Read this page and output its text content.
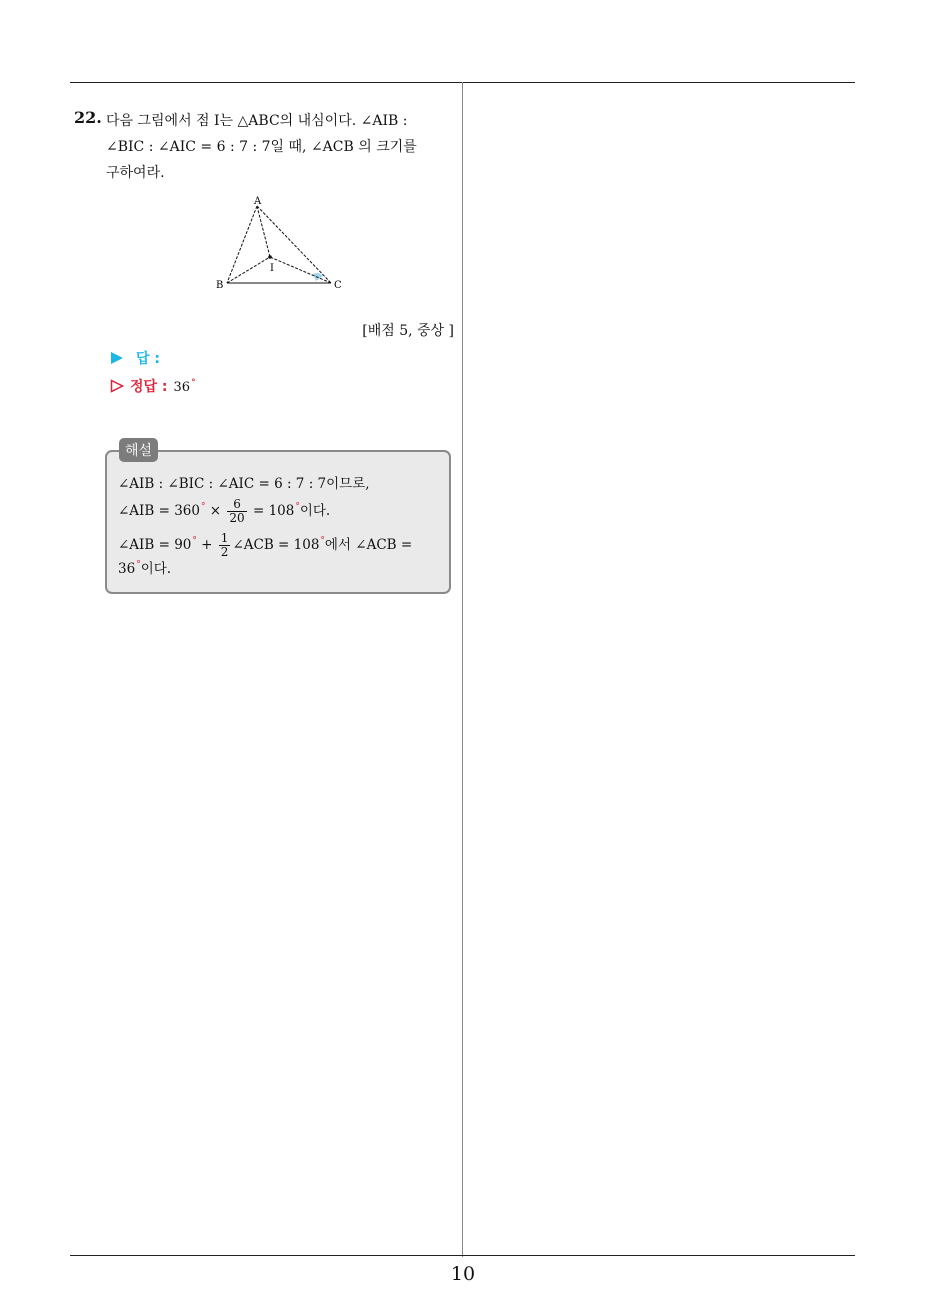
22. 다음 그림에서 점 I는 △ABC의 내심이다. ∠AIB :
∠BIC : ∠AIC = 6 : 7 : 7일 때, ∠ACB 의 크기를
구하여라.
A
B	C
I
[배점 5, 중상 ]
답 :
정답 : 36°
해설
∠AIB : ∠BIC : ∠AIC = 6 : 7 : 7이므로,
∠AIB = $360^\circ \times \frac{6}{20} = 108^\circ$이다.
∠AIB = $90^\circ + \frac{1}{2}$ ∠ACB = 108°에서 ∠ACB =
36°이다.
10
